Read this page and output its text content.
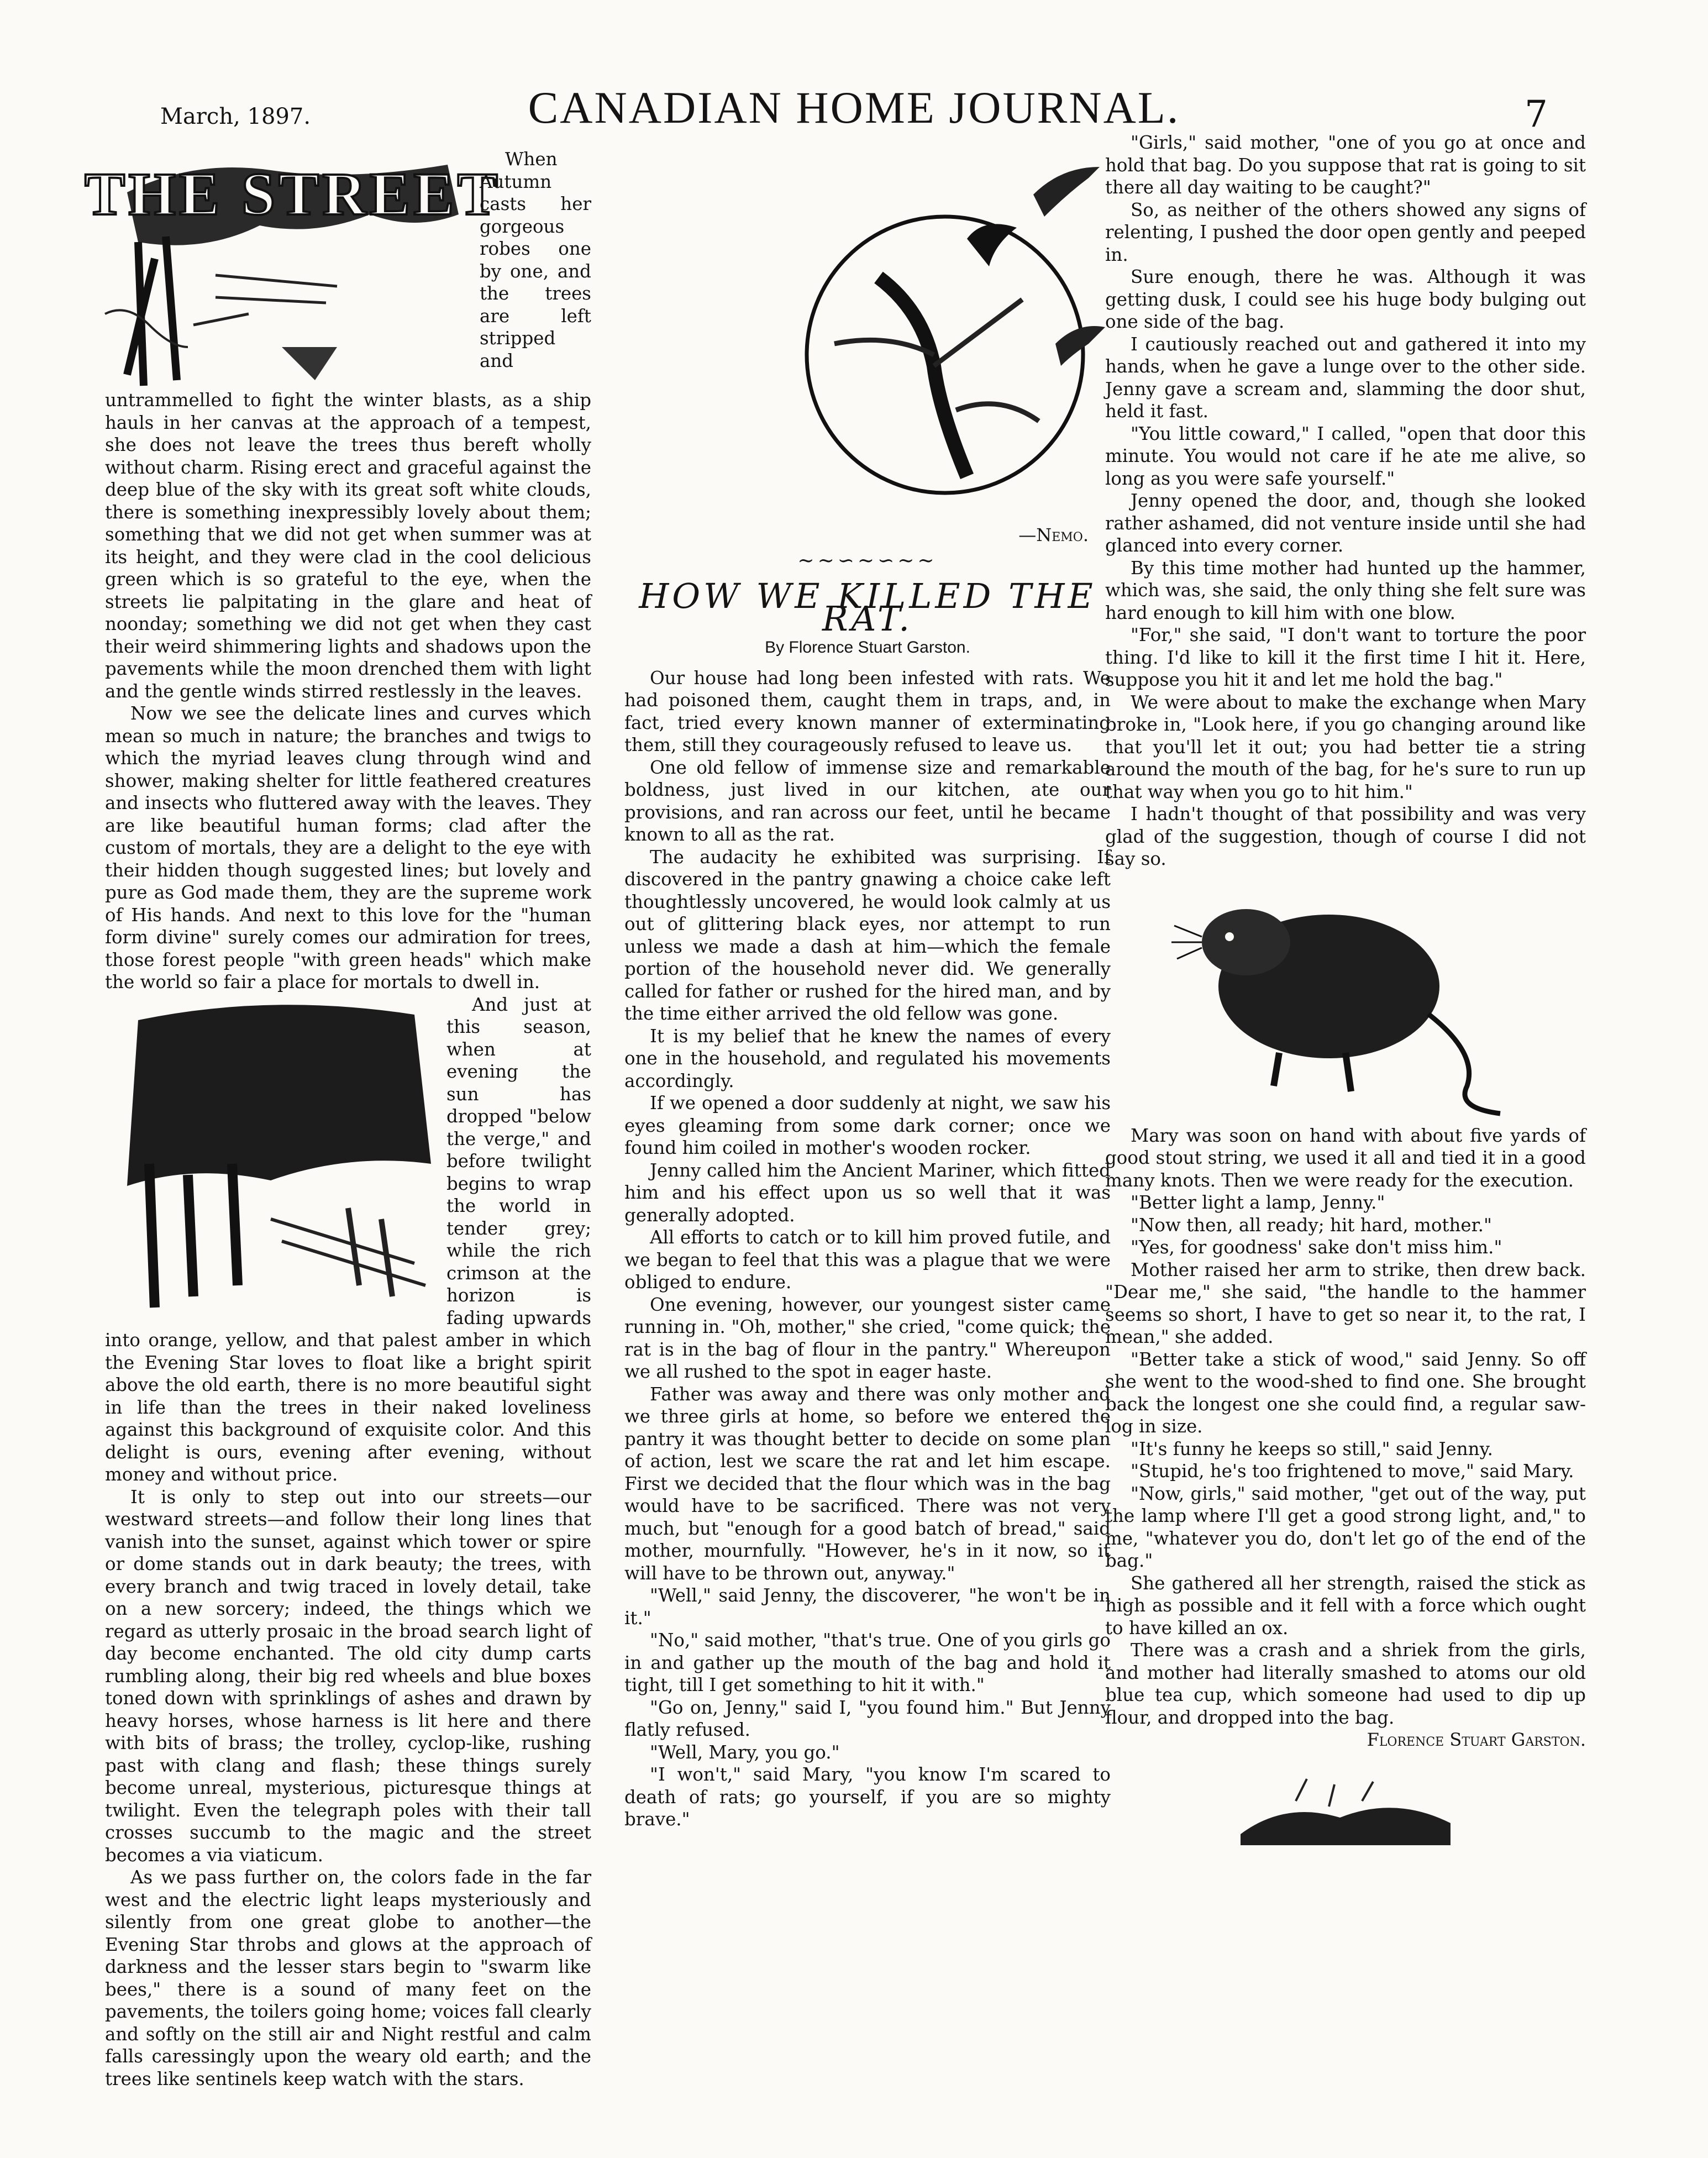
March, 1897.	CANADIAN HOME JOURNAL.	7
THE STREET

When Autumn casts her gorgeous robes one by one, and the trees are left stripped and untrammelled to fight the winter blasts, as a ship hauls in her canvas at the approach of a tempest, she does not leave the trees thus bereft wholly without charm. Rising erect and graceful against the deep blue of the sky with its great soft white clouds, there is something inexpressibly lovely about them; something that we did not get when summer was at its height, and they were clad in the cool delicious green which is so grateful to the eye, when the streets lie palpitating in the glare and heat of noonday; something we did not get when they cast their weird shimmering lights and shadows upon the pavements while the moon drenched them with light and the gentle winds stirred restlessly in the leaves.

Now we see the delicate lines and curves which mean so much in nature; the branches and twigs to which the myriad leaves clung through wind and shower, making shelter for little feathered creatures and insects who fluttered away with the leaves. They are like beautiful human forms; clad after the custom of mortals, they are a delight to the eye with their hidden though suggested lines; but lovely and pure as God made them, they are the supreme work of His hands. And next to this love for the "human form divine" surely comes our admiration for trees, those forest people "with green heads" which make the world so fair a place for mortals to dwell in.

And just at this season, when at evening the sun has dropped "below the verge," and before twilight begins to wrap the world in tender grey; while the rich crimson at the horizon is fading upwards into orange, yellow, and that palest amber in which the Evening Star loves to float like a bright spirit above the old earth, there is no more beautiful sight in life than the trees in their naked loveliness against this background of exquisite color. And this delight is ours, evening after evening, without money and without price.

It is only to step out into our streets—our westward streets—and follow their long lines that vanish into the sunset, against which tower or spire or dome stands out in dark beauty; the trees, with every branch and twig traced in lovely detail, take on a new sorcery; indeed, the things which we regard as utterly prosaic in the broad search light of day become enchanted. The old city dump carts rumbling along, their big red wheels and blue boxes toned down with sprinklings of ashes and drawn by heavy horses, whose harness is lit here and there with bits of brass; the trolley, cyclop-like, rushing past with clang and flash; these things surely become unreal, mysterious, picturesque things at twilight. Even the telegraph poles with their tall crosses succumb to the magic and the street becomes a via viaticum.

As we pass further on, the colors fade in the far west and the electric light leaps mysteriously and silently from one great globe to another—the Evening Star throbs and glows at the approach of darkness and the lesser stars begin to "swarm like bees," there is a sound of many feet on the pavements, the toilers going home; voices fall clearly and softly on the still air and Night restful and calm falls caressingly upon the weary old earth; and the trees like sentinels keep watch with the stars.

—Nemo.
~~∽~∽~~
HOW WE KILLED THE RAT.
By Florence Stuart Garston.

Our house had long been infested with rats. We had poisoned them, caught them in traps, and, in fact, tried every known manner of exterminating them, still they courageously refused to leave us.

One old fellow of immense size and remarkable boldness, just lived in our kitchen, ate our provisions, and ran across our feet, until he became known to all as the rat.

The audacity he exhibited was surprising. If discovered in the pantry gnawing a choice cake left thoughtlessly uncovered, he would look calmly at us out of glittering black eyes, nor attempt to run unless we made a dash at him—which the female portion of the household never did. We generally called for father or rushed for the hired man, and by the time either arrived the old fellow was gone.

It is my belief that he knew the names of every one in the household, and regulated his movements accordingly.

If we opened a door suddenly at night, we saw his eyes gleaming from some dark corner; once we found him coiled in mother's wooden rocker.

Jenny called him the Ancient Mariner, which fitted him and his effect upon us so well that it was generally adopted.

All efforts to catch or to kill him proved futile, and we began to feel that this was a plague that we were obliged to endure.

One evening, however, our youngest sister came running in. "Oh, mother," she cried, "come quick; the rat is in the bag of flour in the pantry." Whereupon we all rushed to the spot in eager haste.

Father was away and there was only mother and we three girls at home, so before we entered the pantry it was thought better to decide on some plan of action, lest we scare the rat and let him escape. First we decided that the flour which was in the bag would have to be sacrificed. There was not very much, but "enough for a good batch of bread," said mother, mournfully. "However, he's in it now, so it will have to be thrown out, anyway."

"Well," said Jenny, the discoverer, "he won't be in it."

"No," said mother, "that's true. One of you girls go in and gather up the mouth of the bag and hold it tight, till I get something to hit it with."

"Go on, Jenny," said I, "you found him." But Jenny flatly refused.

"Well, Mary, you go."

"I won't," said Mary, "you know I'm scared to death of rats; go yourself, if you are so mighty brave."

"Girls," said mother, "one of you go at once and hold that bag. Do you suppose that rat is going to sit there all day waiting to be caught?"

So, as neither of the others showed any signs of relenting, I pushed the door open gently and peeped in.

Sure enough, there he was. Although it was getting dusk, I could see his huge body bulging out one side of the bag.

I cautiously reached out and gathered it into my hands, when he gave a lunge over to the other side. Jenny gave a scream and, slamming the door shut, held it fast.

"You little coward," I called, "open that door this minute. You would not care if he ate me alive, so long as you were safe yourself."

Jenny opened the door, and, though she looked rather ashamed, did not venture inside until she had glanced into every corner.

By this time mother had hunted up the hammer, which was, she said, the only thing she felt sure was hard enough to kill him with one blow.

"For," she said, "I don't want to torture the poor thing. I'd like to kill it the first time I hit it. Here, suppose you hit it and let me hold the bag."

We were about to make the exchange when Mary broke in, "Look here, if you go changing around like that you'll let it out; you had better tie a string around the mouth of the bag, for he's sure to run up that way when you go to hit him."

I hadn't thought of that possibility and was very glad of the suggestion, though of course I did not say so.

Mary was soon on hand with about five yards of good stout string, we used it all and tied it in a good many knots. Then we were ready for the execution.

"Better light a lamp, Jenny."

"Now then, all ready; hit hard, mother."

"Yes, for goodness' sake don't miss him."

Mother raised her arm to strike, then drew back. "Dear me," she said, "the handle to the hammer seems so short, I have to get so near it, to the rat, I mean," she added.

"Better take a stick of wood," said Jenny. So off she went to the wood-shed to find one. She brought back the longest one she could find, a regular saw-log in size.

"It's funny he keeps so still," said Jenny.

"Stupid, he's too frightened to move," said Mary.

"Now, girls," said mother, "get out of the way, put the lamp where I'll get a good strong light, and," to me, "whatever you do, don't let go of the end of the bag."

She gathered all her strength, raised the stick as high as possible and it fell with a force which ought to have killed an ox.

There was a crash and a shriek from the girls, and mother had literally smashed to atoms our old blue tea cup, which someone had used to dip up flour, and dropped into the bag.

Florence Stuart Garston.
